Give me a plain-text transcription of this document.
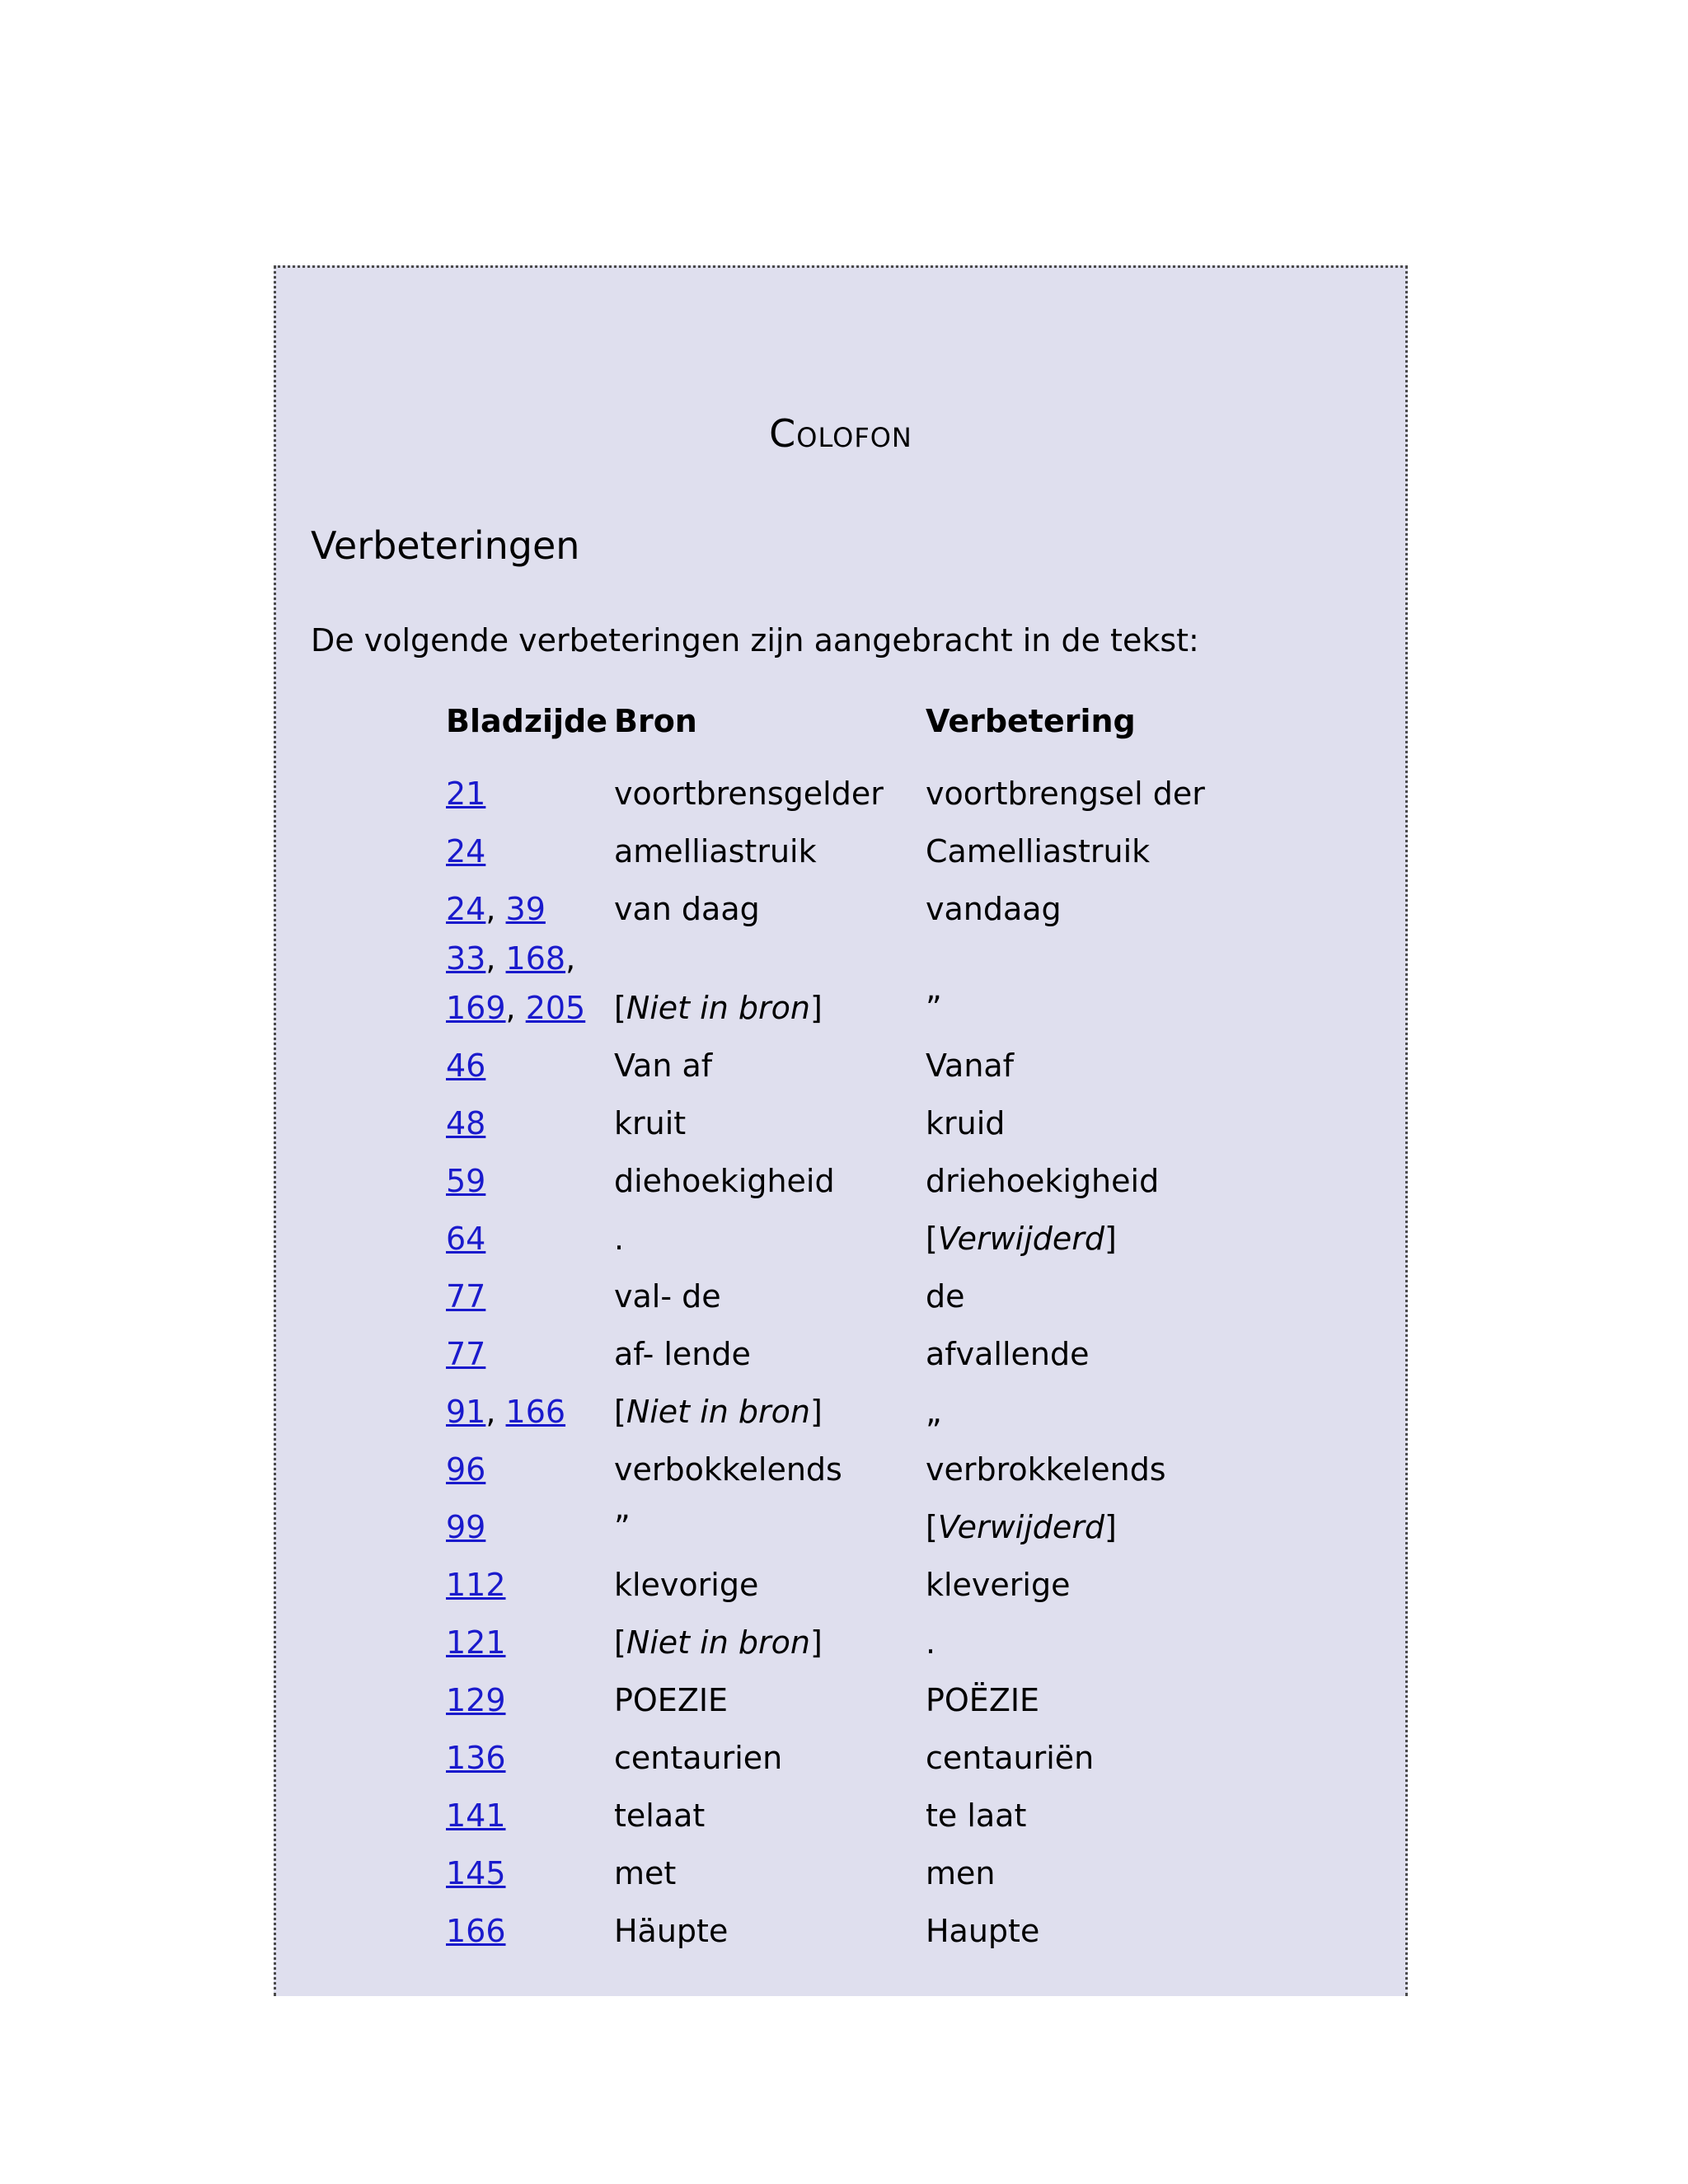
Colofon
Verbeteringen

De volgende verbeteringen zijn aangebracht in de tekst:

Bladzijde	Bron	Verbetering
21	voortbrensgelder	voortbrengsel der
24	amelliastruik	Camelliastruik
24, 39	van daag	vandaag
33, 168,
169, 205	[Niet in bron]	”
46	Van af	Vanaf
48	kruit	kruid
59	diehoekigheid	driehoekigheid
64	.	[Verwijderd]
77	val- de	de
77	af- lende	afvallende
91, 166	[Niet in bron]	„
96	verbokkelends	verbrokkelends
99	”	[Verwijderd]
112	klevorige	kleverige
121	[Niet in bron]	.
129	POEZIE	POËZIE
136	centaurien	centauriën
141	telaat	te laat
145	met	men
166	Häupte	Haupte
